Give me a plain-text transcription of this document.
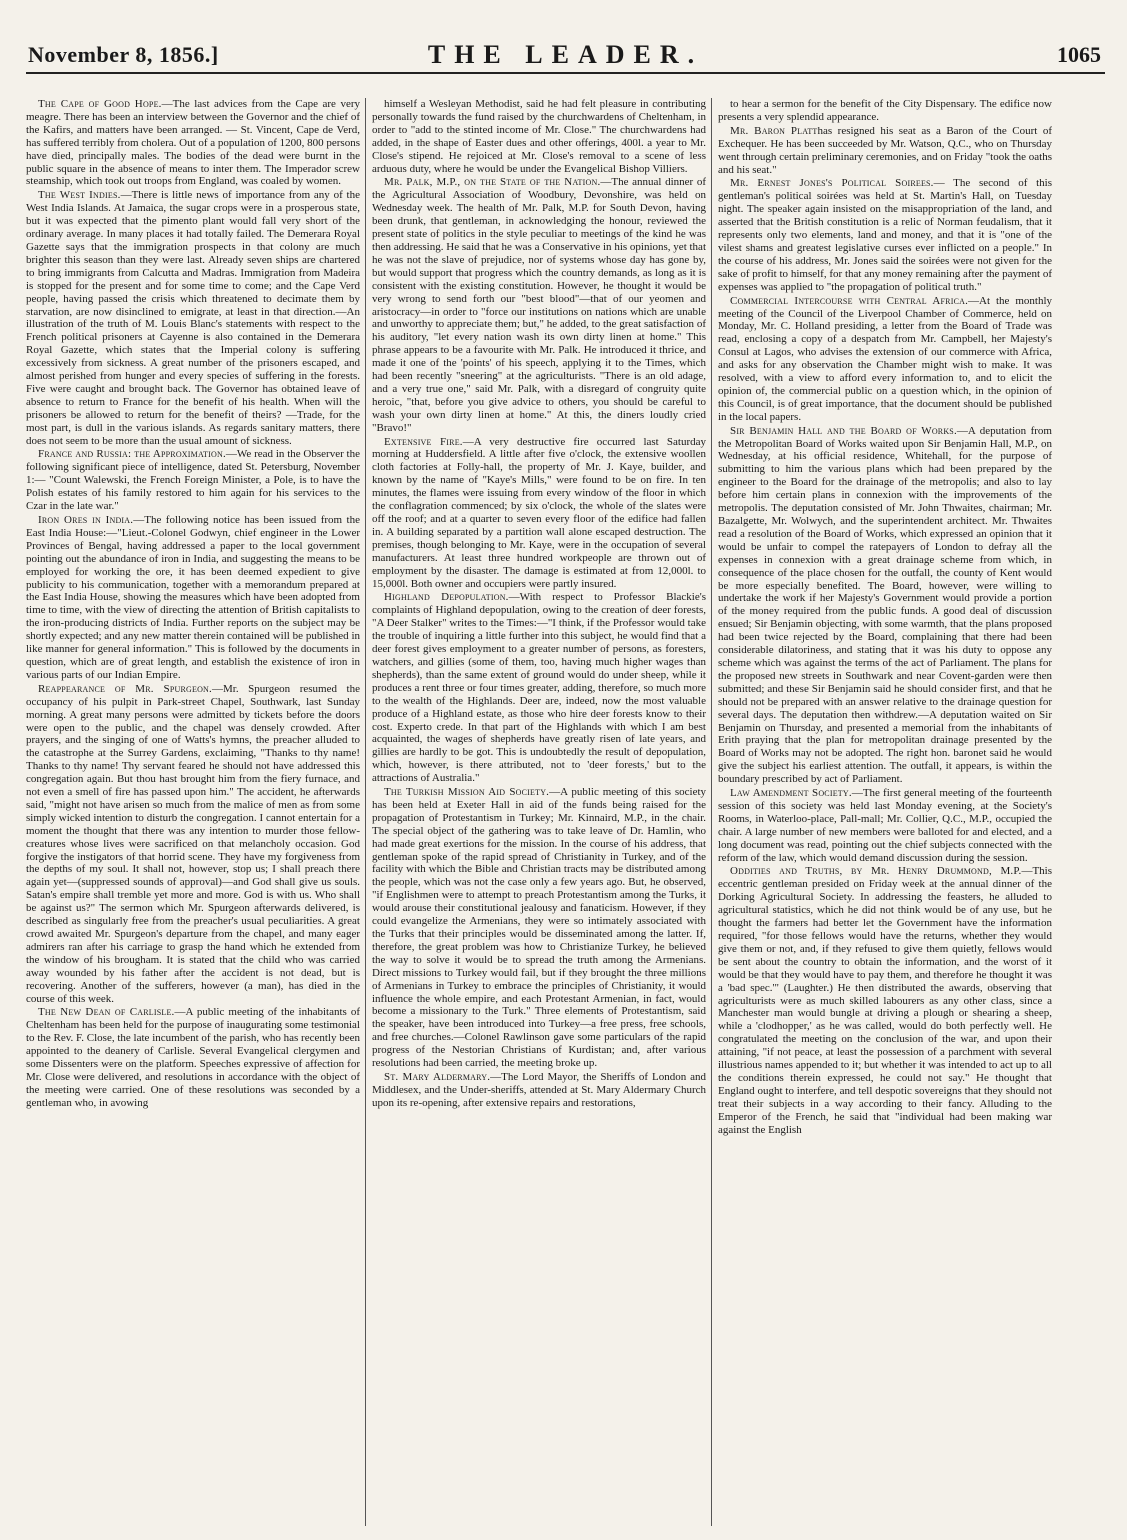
November 8, 1856.]	THE LEADER.	1065

The Cape of Good Hope.—The last advices from the Cape are very meagre. There has been an interview between the Governor and the chief of the Kafirs, and matters have been arranged. — St. Vincent, Cape de Verd, has suffered terribly from cholera. Out of a population of 1200, 800 persons have died, principally males. The bodies of the dead were burnt in the public square in the absence of means to inter them. The Imperador screw steamship, which took out troops from England, was coaled by women.

The West Indies.—There is little news of importance from any of the West India Islands. At Jamaica, the sugar crops were in a prosperous state, but it was expected that the pimento plant would fall very short of the ordinary average. In many places it had totally failed. The Demerara Royal Gazette says that the immigration prospects in that colony are much brighter this season than they were last. Already seven ships are chartered to bring immigrants from Calcutta and Madras. Immigration from Madeira is stopped for the present and for some time to come; and the Cape Verd people, having passed the crisis which threatened to decimate them by starvation, are now disinclined to emigrate, at least in that direction.—An illustration of the truth of M. Louis Blanc's statements with respect to the French political prisoners at Cayenne is also contained in the Demerara Royal Gazette, which states that the Imperial colony is suffering excessively from sickness. A great number of the prisoners escaped, and almost perished from hunger and every species of suffering in the forests. Five were caught and brought back. The Governor has obtained leave of absence to return to France for the benefit of his health. When will the prisoners be allowed to return for the benefit of theirs? —Trade, for the most part, is dull in the various islands. As regards sanitary matters, there does not seem to be more than the usual amount of sickness.

France and Russia: the Approximation.—We read in the Observer the following significant piece of intelligence, dated St. Petersburg, November 1:— "Count Walewski, the French Foreign Minister, a Pole, is to have the Polish estates of his family restored to him again for his services to the Czar in the late war."

Iron Ores in India.—The following notice has been issued from the East India House:—"Lieut.-Colonel Godwyn, chief engineer in the Lower Provinces of Bengal, having addressed a paper to the local government pointing out the abundance of iron in India, and suggesting the means to be employed for working the ore, it has been deemed expedient to give publicity to his communication, together with a memorandum prepared at the East India House, showing the measures which have been adopted from time to time, with the view of directing the attention of British capitalists to the iron-producing districts of India. Further reports on the subject may be shortly expected; and any new matter therein contained will be published in like manner for general information." This is followed by the documents in question, which are of great length, and establish the existence of iron in various parts of our Indian Empire.

Reappearance of Mr. Spurgeon.—Mr. Spurgeon resumed the occupancy of his pulpit in Park-street Chapel, Southwark, last Sunday morning. A great many persons were admitted by tickets before the doors were open to the public, and the chapel was densely crowded. After prayers, and the singing of one of Watts's hymns, the preacher alluded to the catastrophe at the Surrey Gardens, exclaiming, "Thanks to thy name! Thanks to thy name! Thy servant feared he should not have addressed this congregation again. But thou hast brought him from the fiery furnace, and not even a smell of fire has passed upon him." The accident, he afterwards said, "might not have arisen so much from the malice of men as from some simply wicked intention to disturb the congregation. I cannot entertain for a moment the thought that there was any intention to murder those fellow-creatures whose lives were sacrificed on that melancholy occasion. God forgive the instigators of that horrid scene. They have my forgiveness from the depths of my soul. It shall not, however, stop us; I shall preach there again yet—(suppressed sounds of approval)—and God shall give us souls. Satan's empire shall tremble yet more and more. God is with us. Who shall be against us?" The sermon which Mr. Spurgeon afterwards delivered, is described as singularly free from the preacher's usual peculiarities. A great crowd awaited Mr. Spurgeon's departure from the chapel, and many eager admirers ran after his carriage to grasp the hand which he extended from the window of his brougham. It is stated that the child who was carried away wounded by his father after the accident is not dead, but is recovering. Another of the sufferers, however (a man), has died in the course of this week.

The New Dean of Carlisle.—A public meeting of the inhabitants of Cheltenham has been held for the purpose of inaugurating some testimonial to the Rev. F. Close, the late incumbent of the parish, who has recently been appointed to the deanery of Carlisle. Several Evangelical clergymen and some Dissenters were on the platform. Speeches expressive of affection for Mr. Close were delivered, and resolutions in accordance with the object of the meeting were carried. One of these resolutions was seconded by a gentleman who, in avowing

himself a Wesleyan Methodist, said he had felt pleasure in contributing personally towards the fund raised by the churchwardens of Cheltenham, in order to "add to the stinted income of Mr. Close." The churchwardens had added, in the shape of Easter dues and other offerings, 400l. a year to Mr. Close's stipend. He rejoiced at Mr. Close's removal to a scene of less arduous duty, where he would be under the Evangelical Bishop Villiers.

Mr. Palk, M.P., on the State of the Nation.—The annual dinner of the Agricultural Association of Woodbury, Devonshire, was held on Wednesday week. The health of Mr. Palk, M.P. for South Devon, having been drunk, that gentleman, in acknowledging the honour, reviewed the present state of politics in the style peculiar to meetings of the kind he was then addressing. He said that he was a Conservative in his opinions, yet that he was not the slave of prejudice, nor of systems whose day has gone by, but would support that progress which the country demands, as long as it is consistent with the existing constitution. However, he thought it would be very wrong to send forth our "best blood"—that of our yeomen and aristocracy—in order to "force our institutions on nations which are unable and unworthy to appreciate them; but," he added, to the great satisfaction of his auditory, "let every nation wash its own dirty linen at home." This phrase appears to be a favourite with Mr. Palk. He introduced it thrice, and made it one of the 'points' of his speech, applying it to the Times, which had been recently "sneering" at the agriculturists. "There is an old adage, and a very true one," said Mr. Palk, with a disregard of congruity quite heroic, "that, before you give advice to others, you should be careful to wash your own dirty linen at home." At this, the diners loudly cried "Bravo!"

Extensive Fire.—A very destructive fire occurred last Saturday morning at Huddersfield. A little after five o'clock, the extensive woollen cloth factories at Folly-hall, the property of Mr. J. Kaye, builder, and known by the name of "Kaye's Mills," were found to be on fire. In ten minutes, the flames were issuing from every window of the floor in which the conflagration commenced; by six o'clock, the whole of the slates were off the roof; and at a quarter to seven every floor of the edifice had fallen in. A building separated by a partition wall alone escaped destruction. The premises, though belonging to Mr. Kaye, were in the occupation of several manufacturers. At least three hundred workpeople are thrown out of employment by the disaster. The damage is estimated at from 12,000l. to 15,000l. Both owner and occupiers were partly insured.

Highland Depopulation.—With respect to Professor Blackie's complaints of Highland depopulation, owing to the creation of deer forests, "A Deer Stalker" writes to the Times:—"I think, if the Professor would take the trouble of inquiring a little further into this subject, he would find that a deer forest gives employment to a greater number of persons, as foresters, watchers, and gillies (some of them, too, having much higher wages than shepherds), than the same extent of ground would do under sheep, while it produces a rent three or four times greater, adding, therefore, so much more to the wealth of the Highlands. Deer are, indeed, now the most valuable produce of a Highland estate, as those who hire deer forests know to their cost. Experto crede. In that part of the Highlands with which I am best acquainted, the wages of shepherds have greatly risen of late years, and gillies are hardly to be got. This is undoubtedly the result of depopulation, which, however, is there attributed, not to 'deer forests,' but to the attractions of Australia."

The Turkish Mission Aid Society.—A public meeting of this society has been held at Exeter Hall in aid of the funds being raised for the propagation of Protestantism in Turkey; Mr. Kinnaird, M.P., in the chair. The special object of the gathering was to take leave of Dr. Hamlin, who had made great exertions for the mission. In the course of his address, that gentleman spoke of the rapid spread of Christianity in Turkey, and of the facility with which the Bible and Christian tracts may be distributed among the people, which was not the case only a few years ago. But, he observed, "if Englishmen were to attempt to preach Protestantism among the Turks, it would arouse their constitutional jealousy and fanaticism. However, if they could evangelize the Armenians, they were so intimately associated with the Turks that their principles would be disseminated among the latter. If, therefore, the great problem was how to Christianize Turkey, he believed the way to solve it would be to spread the truth among the Armenians. Direct missions to Turkey would fail, but if they brought the three millions of Armenians in Turkey to embrace the principles of Christianity, it would influence the whole empire, and each Protestant Armenian, in fact, would become a missionary to the Turk." Three elements of Protestantism, said the speaker, have been introduced into Turkey—a free press, free schools, and free churches.—Colonel Rawlinson gave some particulars of the rapid progress of the Nestorian Christians of Kurdistan; and, after various resolutions had been carried, the meeting broke up.

St. Mary Aldermary.—The Lord Mayor, the Sheriffs of London and Middlesex, and the Under-sheriffs, attended at St. Mary Aldermary Church upon its re-opening, after extensive repairs and restorations,

to hear a sermon for the benefit of the City Dispensary. The edifice now presents a very splendid appearance.

Mr. Baron Platthas resigned his seat as a Baron of the Court of Exchequer. He has been succeeded by Mr. Watson, Q.C., who on Thursday went through certain preliminary ceremonies, and on Friday "took the oaths and his seat."

Mr. Ernest Jones's Political Soirees.— The second of this gentleman's political soirées was held at St. Martin's Hall, on Tuesday night. The speaker again insisted on the misappropriation of the land, and asserted that the British constitution is a relic of Norman feudalism, that it represents only two elements, land and money, and that it is "one of the vilest shams and greatest legislative curses ever inflicted on a people." In the course of his address, Mr. Jones said the soirées were not given for the sake of profit to himself, for that any money remaining after the payment of expenses was applied to "the propagation of political truth."

Commercial Intercourse with Central Africa.—At the monthly meeting of the Council of the Liverpool Chamber of Commerce, held on Monday, Mr. C. Holland presiding, a letter from the Board of Trade was read, enclosing a copy of a despatch from Mr. Campbell, her Majesty's Consul at Lagos, who advises the extension of our commerce with Africa, and asks for any observation the Chamber might wish to make. It was resolved, with a view to afford every information to, and to elicit the opinion of, the commercial public on a question which, in the opinion of this Council, is of great importance, that the document should be published in the local papers.

Sir Benjamin Hall and the Board of Works.—A deputation from the Metropolitan Board of Works waited upon Sir Benjamin Hall, M.P., on Wednesday, at his official residence, Whitehall, for the purpose of submitting to him the various plans which had been prepared by the engineer to the Board for the drainage of the metropolis; and also to lay before him certain plans in connexion with the improvements of the metropolis. The deputation consisted of Mr. John Thwaites, chairman; Mr. Bazalgette, Mr. Wolwych, and the superintendent architect. Mr. Thwaites read a resolution of the Board of Works, which expressed an opinion that it would be unfair to compel the ratepayers of London to defray all the expenses in connexion with a great drainage scheme from which, in consequence of the place chosen for the outfall, the county of Kent would be more especially benefited. The Board, however, were willing to undertake the work if her Majesty's Government would provide a portion of the money required from the public funds. A good deal of discussion ensued; Sir Benjamin objecting, with some warmth, that the plans proposed had been twice rejected by the Board, complaining that there had been considerable dilatoriness, and stating that it was his duty to oppose any scheme which was against the terms of the act of Parliament. The plans for the proposed new streets in Southwark and near Covent-garden were then submitted; and these Sir Benjamin said he should consider first, and that he should not be prepared with an answer relative to the drainage question for several days. The deputation then withdrew.—A deputation waited on Sir Benjamin on Thursday, and presented a memorial from the inhabitants of Erith praying that the plan for metropolitan drainage presented by the Board of Works may not be adopted. The right hon. baronet said he would give the subject his earliest attention. The outfall, it appears, is within the boundary prescribed by act of Parliament.

Law Amendment Society.—The first general meeting of the fourteenth session of this society was held last Monday evening, at the Society's Rooms, in Waterloo-place, Pall-mall; Mr. Collier, Q.C., M.P., occupied the chair. A large number of new members were balloted for and elected, and a long document was read, pointing out the chief subjects connected with the reform of the law, which would demand discussion during the session.

Oddities and Truths, by Mr. Henry Drummond, M.P.—This eccentric gentleman presided on Friday week at the annual dinner of the Dorking Agricultural Society. In addressing the feasters, he alluded to agricultural statistics, which he did not think would be of any use, but he thought the farmers had better let the Government have the information required, "for those fellows would have the returns, whether they would give them or not, and, if they refused to give them quietly, fellows would be sent about the country to obtain the information, and the worst of it would be that they would have to pay them, and therefore he thought it was a 'bad spec.'" (Laughter.) He then distributed the awards, observing that agriculturists were as much skilled labourers as any other class, since a Manchester man would bungle at driving a plough or shearing a sheep, while a 'clodhopper,' as he was called, would do both perfectly well. He congratulated the meeting on the conclusion of the war, and upon their attaining, "if not peace, at least the possession of a parchment with several illustrious names appended to it; but whether it was intended to act up to all the conditions therein expressed, he could not say." He thought that England ought to interfere, and tell despotic sovereigns that they should not treat their subjects in a way according to their fancy. Alluding to the Emperor of the French, he said that "individual had been making war against the English
